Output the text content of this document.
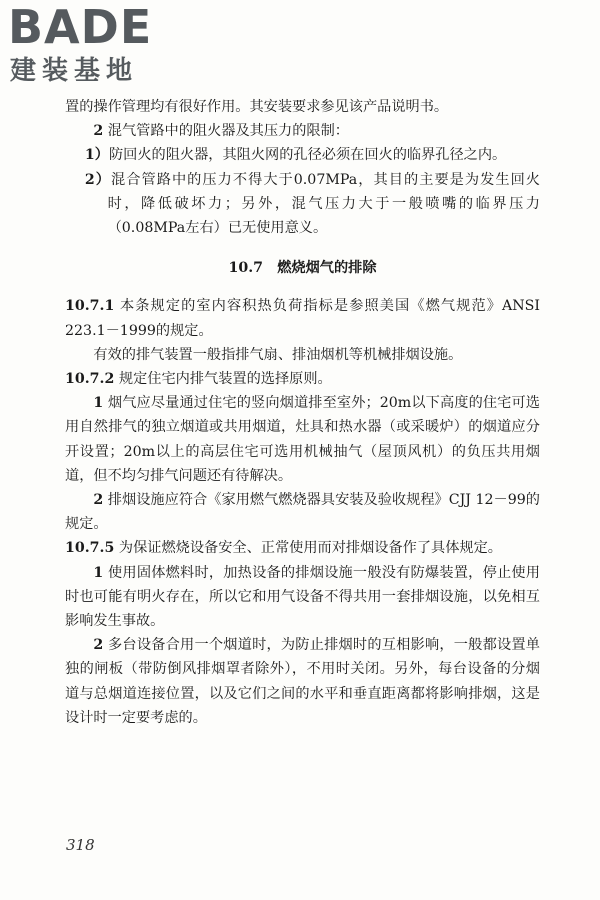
BADE
建装基地

置的操作管理均有很好作用。其安装要求参见该产品说明书。

2 混气管路中的阻火器及其压力的限制：

1）防回火的阻火器，其阻火网的孔径必须在回火的临界孔径之内。

2）混合管路中的压力不得大于0.07MPa，其目的主要是为发生回火时，降低破坏力；另外，混气压力大于一般喷嘴的临界压力（0.08MPa左右）已无使用意义。

10.7　燃烧烟气的排除

10.7.1 本条规定的室内容积热负荷指标是参照美国《燃气规范》ANSI 223.1－1999的规定。

有效的排气装置一般指排气扇、排油烟机等机械排烟设施。

10.7.2 规定住宅内排气装置的选择原则。

1 烟气应尽量通过住宅的竖向烟道排至室外；20m以下高度的住宅可选用自然排气的独立烟道或共用烟道，灶具和热水器（或采暖炉）的烟道应分开设置；20m以上的高层住宅可选用机械抽气（屋顶风机）的负压共用烟道，但不均匀排气问题还有待解决。

2 排烟设施应符合《家用燃气燃烧器具安装及验收规程》CJJ 12－99的规定。

10.7.5 为保证燃烧设备安全、正常使用而对排烟设备作了具体规定。

1 使用固体燃料时，加热设备的排烟设施一般没有防爆装置，停止使用时也可能有明火存在，所以它和用气设备不得共用一套排烟设施，以免相互影响发生事故。

2 多台设备合用一个烟道时，为防止排烟时的互相影响，一般都设置单独的闸板（带防倒风排烟罩者除外），不用时关闭。另外，每台设备的分烟道与总烟道连接位置，以及它们之间的水平和垂直距离都将影响排烟，这是设计时一定要考虑的。

318
